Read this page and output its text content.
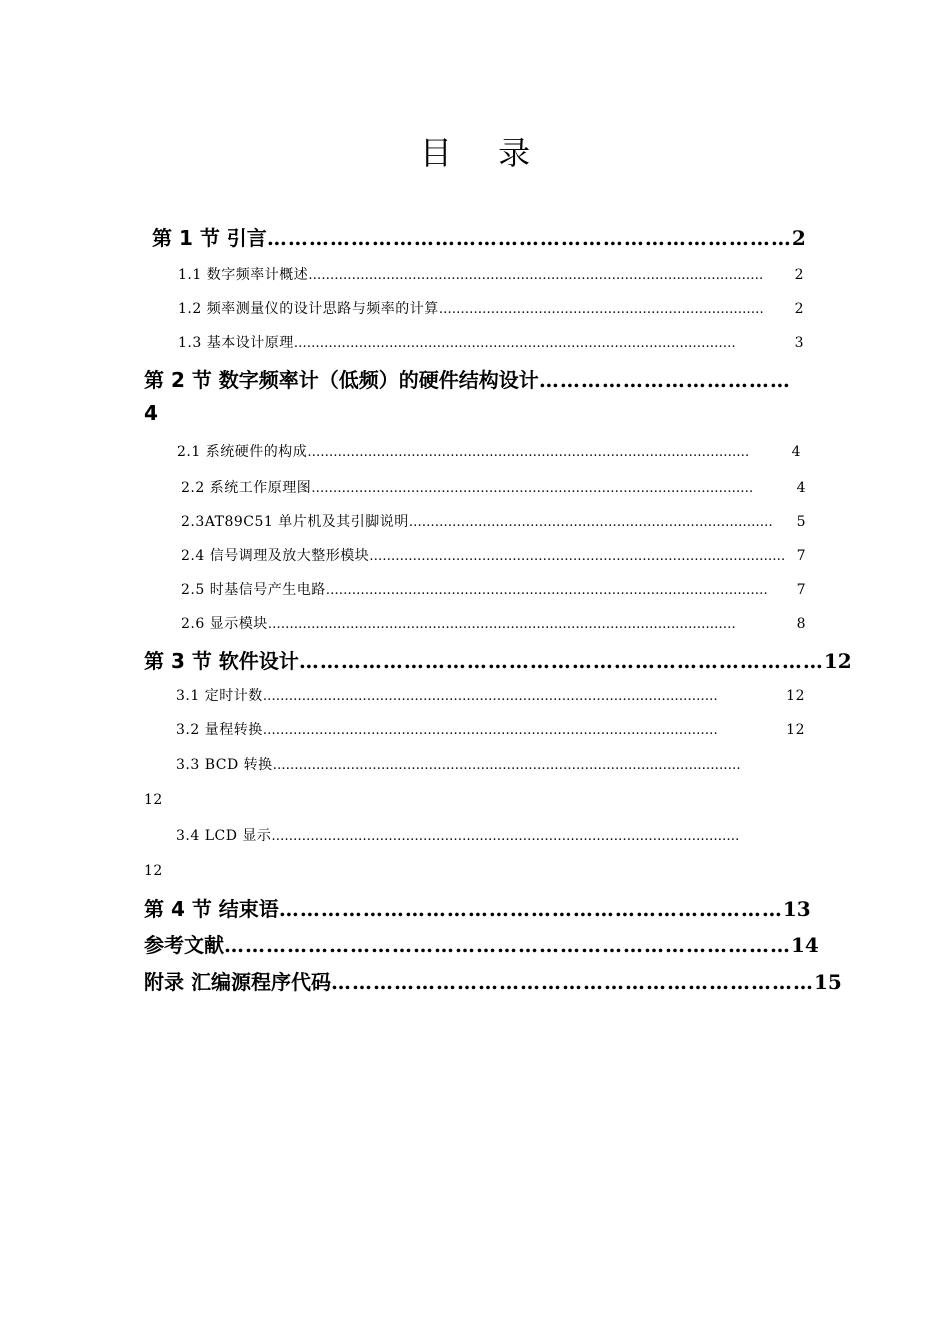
目 录
第 1 节 引言 ………………………………………………………………… 2
1.1 数字频率计概述 ……………………………………………………………………………………………	2
1.2 频率测量仪的设计思路与频率的计算 …………………………………………………………………	2
1.3 基本设计原理 …………………………………………………………………………………………	3
第 2 节 数字频率计（低频）的硬件结构设计 ………………………………
4
2.1 系统硬件的构成 …………………………………………………………………………………………	4
2.2 系统工作原理图 …………………………………………………………………………………………	4
2.3AT89C51 单片机及其引脚说明 …………………………………………………………………………	5
2.4 信号调理及放大整形模块 …………………………………………………………………………………… 7
2.5 时基信号产生电路 …………………………………………………………………………………………	7
2.6 显示模块 ………………………………………………………………………………………………	8
第 3 节 软件设计 ………………………………………………………………… 12
3.1 定时计数 ……………………………………………………………………………………………	12
3.2 量程转换 ……………………………………………………………………………………………	12
3.3 BCD 转换 ………………………………………………………………………………………………
12
3.4 LCD 显示 ………………………………………………………………………………………………
12
第 4 节 结束语 ……………………………………………………………… 13
参考文献 ……………………………………………………………………… 14
附录 汇编源程序代码 …………………………………………………………… 15
